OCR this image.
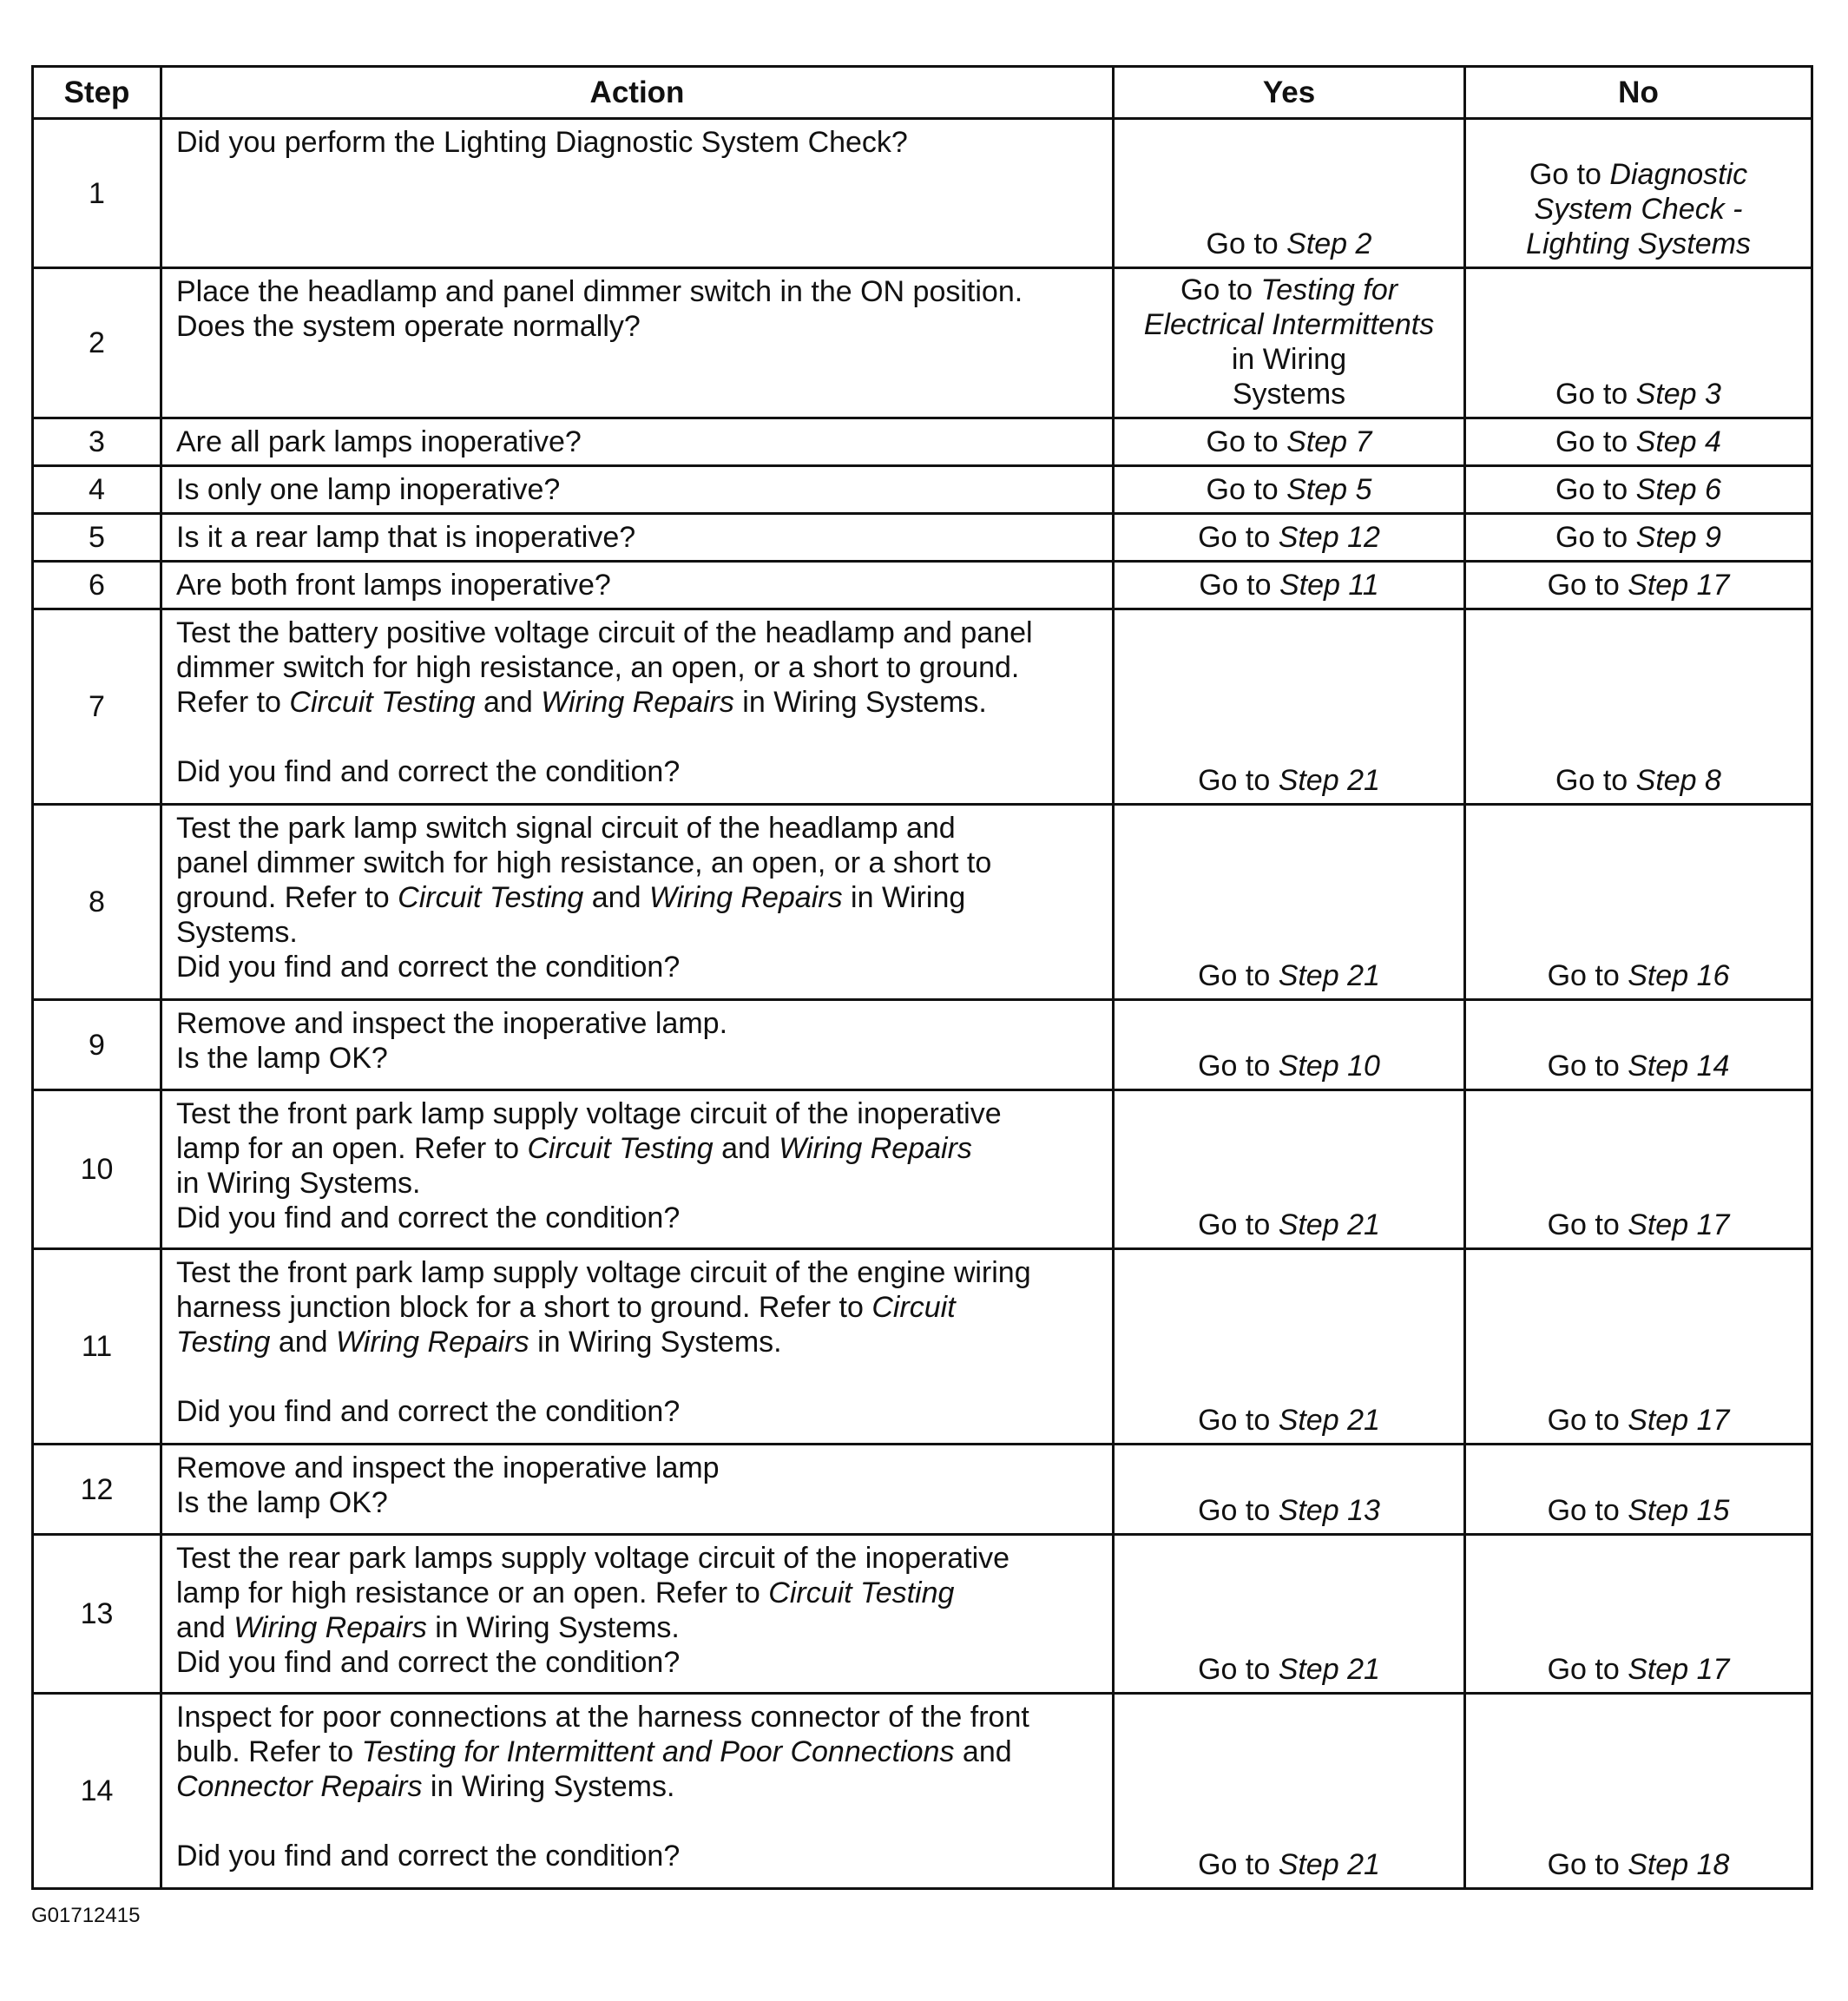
Step	Action	Yes	No
1	Did you perform the Lighting Diagnostic System Check?	Go to Step 2	Go to Diagnostic
System Check -
Lighting Systems

2	Place the headlamp and panel dimmer switch in the ON position.
Does the system operate normally?	Go to Testing for
Electrical Intermittents
in Wiring
Systems	Go to Step 3

3	Are all park lamps inoperative?	Go to Step 7	Go to Step 4

4	Is only one lamp inoperative?	Go to Step 5	Go to Step 6

5	Is it a rear lamp that is inoperative?	Go to Step 12	Go to Step 9

6	Are both front lamps inoperative?	Go to Step 11	Go to Step 17

7	Test the battery positive voltage circuit of the headlamp and panel
dimmer switch for high resistance, an open, or a short to ground.
Refer to Circuit Testing and Wiring Repairs in Wiring Systems.
Did you find and correct the condition?	Go to Step 21	Go to Step 8

8	Test the park lamp switch signal circuit of the headlamp and
panel dimmer switch for high resistance, an open, or a short to
ground. Refer to Circuit Testing and Wiring Repairs in Wiring
Systems.
Did you find and correct the condition?	Go to Step 21	Go to Step 16

9	Remove and inspect the inoperative lamp.
Is the lamp OK?	Go to Step 10	Go to Step 14

10	Test the front park lamp supply voltage circuit of the inoperative
lamp for an open. Refer to Circuit Testing and Wiring Repairs
in Wiring Systems.
Did you find and correct the condition?	Go to Step 21	Go to Step 17

11	Test the front park lamp supply voltage circuit of the engine wiring
harness junction block for a short to ground. Refer to Circuit
Testing and Wiring Repairs in Wiring Systems.
Did you find and correct the condition?	Go to Step 21	Go to Step 17

12	Remove and inspect the inoperative lamp
Is the lamp OK?	Go to Step 13	Go to Step 15

13	Test the rear park lamps supply voltage circuit of the inoperative
lamp for high resistance or an open. Refer to Circuit Testing
and Wiring Repairs in Wiring Systems.
Did you find and correct the condition?	Go to Step 21	Go to Step 17

14	Inspect for poor connections at the harness connector of the front
bulb. Refer to Testing for Intermittent and Poor Connections and
Connector Repairs in Wiring Systems.
Did you find and correct the condition?	Go to Step 21	Go to Step 18
G01712415
